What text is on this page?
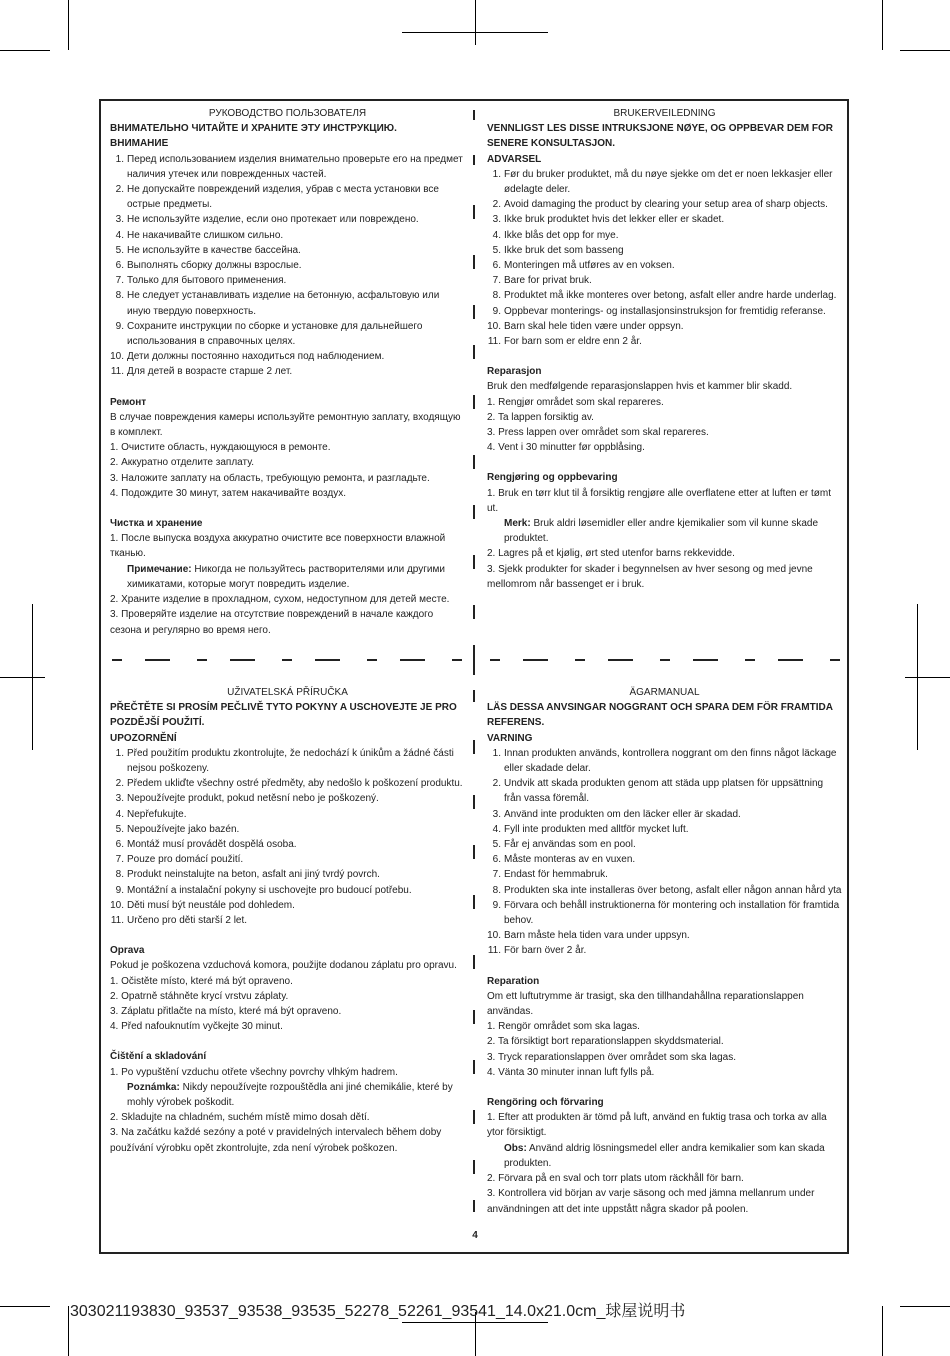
РУКОВОДСТВО ПОЛЬЗОВАТЕЛЯ
ВНИМАТЕЛЬНО ЧИТАЙТЕ И ХРАНИТЕ ЭТУ ИНСТРУКЦИЮ.
ВНИМАНИЕ
1. Перед использованием изделия внимательно проверьте его на предмет наличия утечек или поврежденных частей.
2. Не допускайте повреждений изделия, убрав с места установки все острые предметы.
3. Не используйте изделие, если оно протекает или повреждено.
4. Не накачивайте слишком сильно.
5. Не используйте в качестве бассейна.
6. Выполнять сборку должны взрослые.
7. Только для бытового применения.
8. Не следует устанавливать изделие на бетонную, асфальтовую или иную твердую поверхность.
9. Сохраните инструкции по сборке и установке для дальнейшего использования в справочных целях.
10. Дети должны постоянно находиться под наблюдением.
11. Для детей в возрасте старше 2 лет.
Ремонт
В случае повреждения камеры используйте ремонтную заплату, входящую в комплект.
1. Очистите область, нуждающуюся в ремонте.
2. Аккуратно отделите заплату.
3. Наложите заплату на область, требующую ремонта, и разгладьте.
4. Подождите 30 минут, затем накачивайте воздух.
Чистка и хранение
1. После выпуска воздуха аккуратно очистите все поверхности влажной тканью.
Примечание: Никогда не пользуйтесь растворителями или другими химикатами, которые могут повредить изделие.
2. Храните изделие в прохладном, сухом, недоступном для детей месте.
3. Проверяйте изделие на отсутствие повреждений в начале каждого сезона и регулярно во время него.
BRUKERVEILEDNING
VENNLIGST LES DISSE INTRUKSJONE NØYE, OG OPPBEVAR DEM FOR SENERE KONSULTASJON.
ADVARSEL
1. Før du bruker produktet, må du nøye sjekke om det er noen lekkasjer eller ødelagte deler.
2. Avoid damaging the product by clearing your setup area of sharp objects.
3. Ikke bruk produktet hvis det lekker eller er skadet.
4. Ikke blås det opp for mye.
5. Ikke bruk det som basseng
6. Monteringen må utføres av en voksen.
7. Bare for privat bruk.
8. Produktet må ikke monteres over betong, asfalt eller andre harde underlag.
9. Oppbevar monterings- og installasjonsinstruksjon for fremtidig referanse.
10. Barn skal hele tiden være under oppsyn.
11. For barn som er eldre enn 2 år.
Reparasjon
Bruk den medfølgende reparasjonslappen hvis et kammer blir skadd.
1. Rengjør området som skal repareres.
2. Ta lappen forsiktig av.
3. Press lappen over området som skal repareres.
4. Vent i 30 minutter før oppblåsing.
Rengjøring og oppbevaring
1. Bruk en tørr klut til å forsiktig rengjøre alle overflatene etter at luften er tømt ut.
Merk: Bruk aldri løsemidler eller andre kjemikalier som vil kunne skade produktet.
2. Lagres på et kjølig, ørt sted utenfor barns rekkevidde.
3. Sjekk produkter for skader i begynnelsen av hver sesong og med jevne mellomrom når bassenget er i bruk.
UŽIVATELSKÁ PŘÍRUČKA
PŘEČTĚTE SI PROSÍM PEČLIVĚ TYTO POKYNY A USCHOVEJTE JE PRO POZDĚJŠÍ POUŽITÍ.
UPOZORNĚNÍ
1. Před použitím produktu zkontrolujte, že nedochází k únikům a žádné části nejsou poškozeny.
2. Předem ukliďte všechny ostré předměty, aby nedošlo k poškození produktu.
3. Nepoužívejte produkt, pokud netěsní nebo je poškozený.
4. Nepřefukujte.
5. Nepoužívejte jako bazén.
6. Montáž musí provádět dospělá osoba.
7. Pouze pro domácí použití.
8. Produkt neinstalujte na beton, asfalt ani jiný tvrdý povrch.
9. Montážní a instalační pokyny si uschovejte pro budoucí potřebu.
10. Děti musí být neustále pod dohledem.
11. Určeno pro děti starší 2 let.
Oprava
Pokud je poškozena vzduchová komora, použijte dodanou záplatu pro opravu.
1. Očistěte místo, které má být opraveno.
2. Opatrně stáhněte krycí vrstvu záplaty.
3. Záplatu přitlačte na místo, které má být opraveno.
4. Před nafouknutím vyčkejte 30 minut.
Čištění a skladování
1. Po vypuštění vzduchu otřete všechny povrchy vlhkým hadrem.
Poznámka: Nikdy nepoužívejte rozpouštědla ani jiné chemikálie, které by mohly výrobek poškodit.
2. Skladujte na chladném, suchém místě mimo dosah dětí.
3. Na začátku každé sezóny a poté v pravidelných intervalech během doby používání výrobku opět zkontrolujte, zda není výrobek poškozen.
ÄGARMANUAL
LÄS DESSA ANVSINGAR NOGGRANT OCH SPARA DEM FÖR FRAMTIDA REFERENS.
VARNING
1. Innan produkten används, kontrollera noggrant om den finns något läckage eller skadade delar.
2. Undvik att skada produkten genom att städa upp platsen för uppsättning från vassa föremål.
3. Använd inte produkten om den läcker eller är skadad.
4. Fyll inte produkten med alltför mycket luft.
5. Får ej användas som en pool.
6. Måste monteras av en vuxen.
7. Endast för hemmabruk.
8. Produkten ska inte installeras över betong, asfalt eller någon annan hård yta
9. Förvara och behåll instruktionerna för montering och installation för framtida behov.
10. Barn måste hela tiden vara under uppsyn.
11. För barn över 2 år.
Reparation
Om ett luftutrymme är trasigt, ska den tillhandahållna reparationslappen användas.
1. Rengör området som ska lagas.
2. Ta försiktigt bort reparationslappen skyddsmaterial.
3. Tryck reparationslappen över området som ska lagas.
4. Vänta 30 minuter innan luft fylls på.
Rengöring och förvaring
1. Efter att produkten är tömd på luft, använd en fuktig trasa och torka av alla ytor försiktigt.
Obs: Använd aldrig lösningsmedel eller andra kemikalier som kan skada produkten.
2. Förvara på en sval och torr plats utom räckhåll för barn.
3. Kontrollera vid början av varje säsong och med jämna mellanrum under användningen att det inte uppstått några skador på poolen.
4
303021193830_93537_93538_93535_52278_52261_93541_14.0x21.0cm_球屋说明书
